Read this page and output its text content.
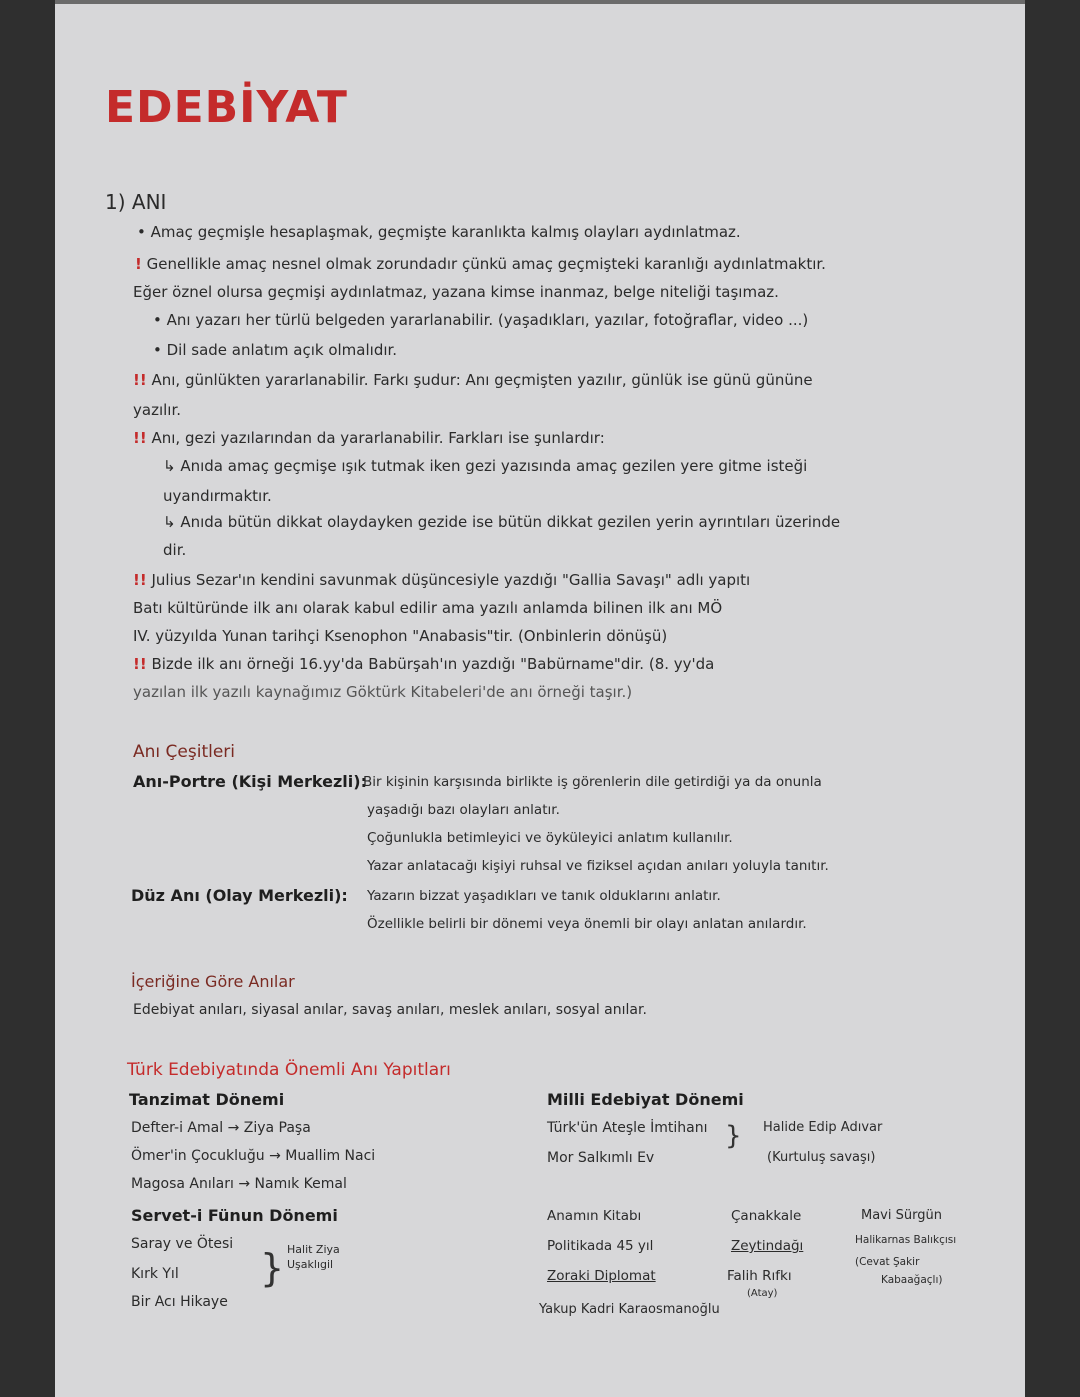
EDEBİYAT
1) ANI
• Amaç geçmişle hesaplaşmak, geçmişte karanlıkta kalmış olayları aydınlatmaz.
! Genellikle amaç nesnel olmak zorundadır çünkü amaç geçmişteki karanlığı aydınlatmaktır.
Eğer öznel olursa geçmişi aydınlatmaz, yazana kimse inanmaz, belge niteliği taşımaz.
• Anı yazarı her türlü belgeden yararlanabilir. (yaşadıkları, yazılar, fotoğraflar, video ...)
• Dil sade anlatım açık olmalıdır.
!! Anı, günlükten yararlanabilir. Farkı şudur: Anı geçmişten yazılır, günlük ise günü gününe
yazılır.
!! Anı, gezi yazılarından da yararlanabilir. Farkları ise şunlardır:
↳ Anıda amaç geçmişe ışık tutmak iken gezi yazısında amaç gezilen yere gitme isteği
uyandırmaktır.
↳ Anıda bütün dikkat olaydayken gezide ise bütün dikkat gezilen yerin ayrıntıları üzerinde
dir.
!! Julius Sezar'ın kendini savunmak düşüncesiyle yazdığı "Gallia Savaşı" adlı yapıtı
Batı kültüründe ilk anı olarak kabul edilir ama yazılı anlamda bilinen ilk anı MÖ
IV. yüzyılda Yunan tarihçi Ksenophon "Anabasis"tir. (Onbinlerin dönüşü)
!! Bizde ilk anı örneği 16.yy'da Babürşah'ın yazdığı "Babürname"dir. (8. yy'da
yazılan ilk yazılı kaynağımız Göktürk Kitabeleri'de anı örneği taşır.)
Anı Çeşitleri
Anı-Portre (Kişi Merkezli):
Bir kişinin karşısında birlikte iş görenlerin dile getirdiği ya da onunla
yaşadığı bazı olayları anlatır.
Çoğunlukla betimleyici ve öyküleyici anlatım kullanılır.
Yazar anlatacağı kişiyi ruhsal ve fiziksel açıdan anıları yoluyla tanıtır.
Düz Anı (Olay Merkezli): Yazarın bizzat yaşadıkları ve tanık olduklarını anlatır.
Özellikle belirli bir dönemi veya önemli bir olayı anlatan anılardır.
İçeriğine Göre Anılar
Edebiyat anıları, siyasal anılar, savaş anıları, meslek anıları, sosyal anılar.
Türk Edebiyatında Önemli Anı Yapıtları
Tanzimat Dönemi
Defter-i Amal → Ziya Paşa
Ömer'in Çocukluğu → Muallim Naci
Magosa Anıları → Namık Kemal
Servet-i Fünun Dönemi
Saray ve Ötesi
Kırk Yıl
Bir Acı Hikaye
} Halit Ziya Uşaklıgil
Milli Edebiyat Dönemi
Türk'ün Ateşle İmtihanı
Mor Salkımlı Ev
} Halide Edip Adıvar
(Kurtuluş savaşı)
Anamın Kitabı
Politikada 45 yıl
Zoraki Diplomat
Yakup Kadri Karaosmanoğlu
Çanakkale
Zeytindağı
Falih Rıfkı
(Atay)
Mavi Sürgün
Halikarnas Balıkçısı
(Cevat Şakir
Kabaağaçlı)
